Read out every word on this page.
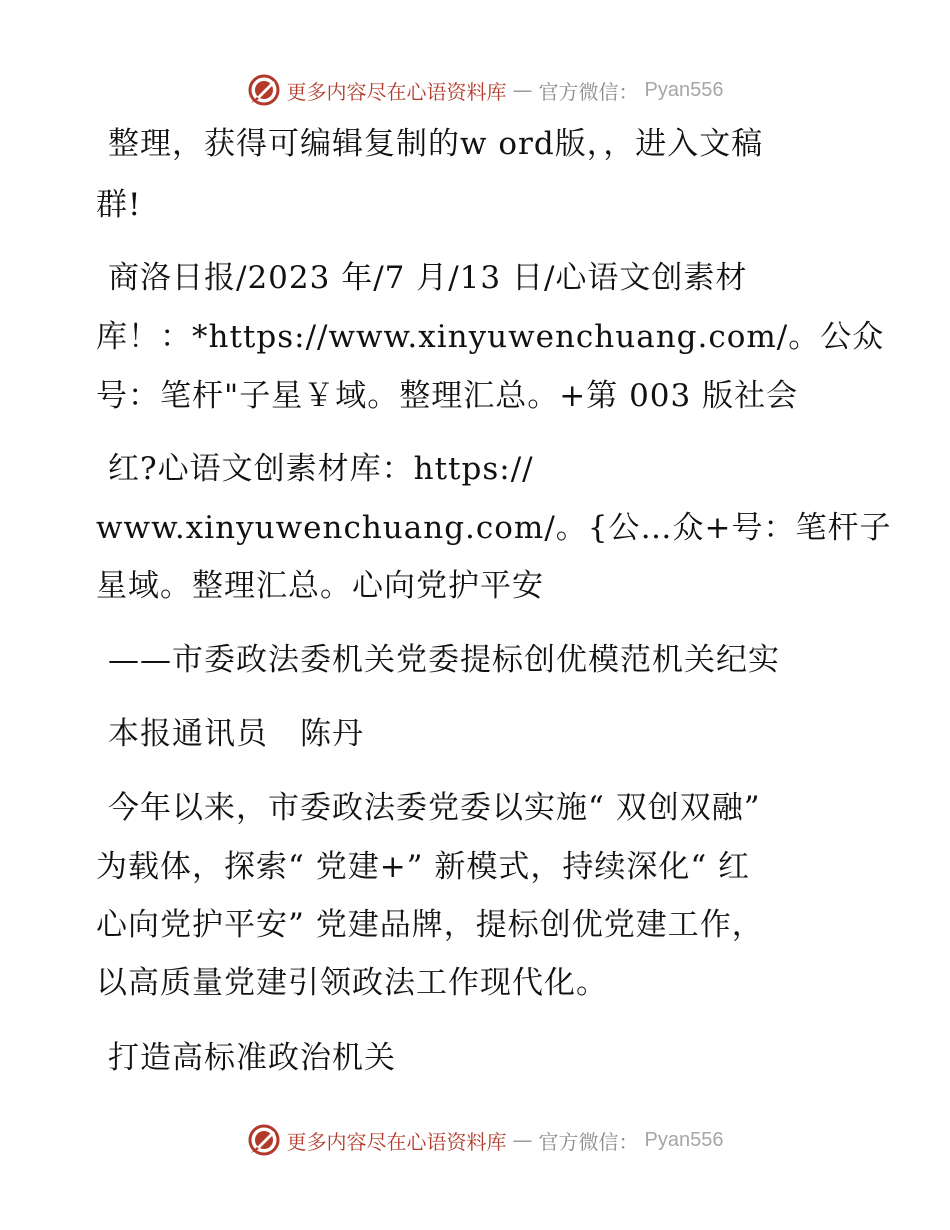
更多内容尽在心语资料库 — 官方微信： Pyan556
整理，获得可编辑复制的w ord版，，进入文稿
群!
商洛日报/2023 年/7 月/13 日/心语文创素材
库！：*https://www.xinyuwenchuang.com/。公众
号：笔杆"子星￥域。整理汇总。+第 003 版社会
红?心语文创素材库：https://
www.xinyuwenchuang.com/。{公…众+号：笔杆子
星域。整理汇总。心向党护平安
——市委政法委机关党委提标创优模范机关纪实
本报通讯员　陈丹
今年以来，市委政法委党委以实施“ 双创双融”
为载体，探索“ 党建+” 新模式，持续深化“ 红
心向党护平安” 党建品牌，提标创优党建工作，
以高质量党建引领政法工作现代化。
打造高标准政治机关
更多内容尽在心语资料库 — 官方微信： Pyan556
